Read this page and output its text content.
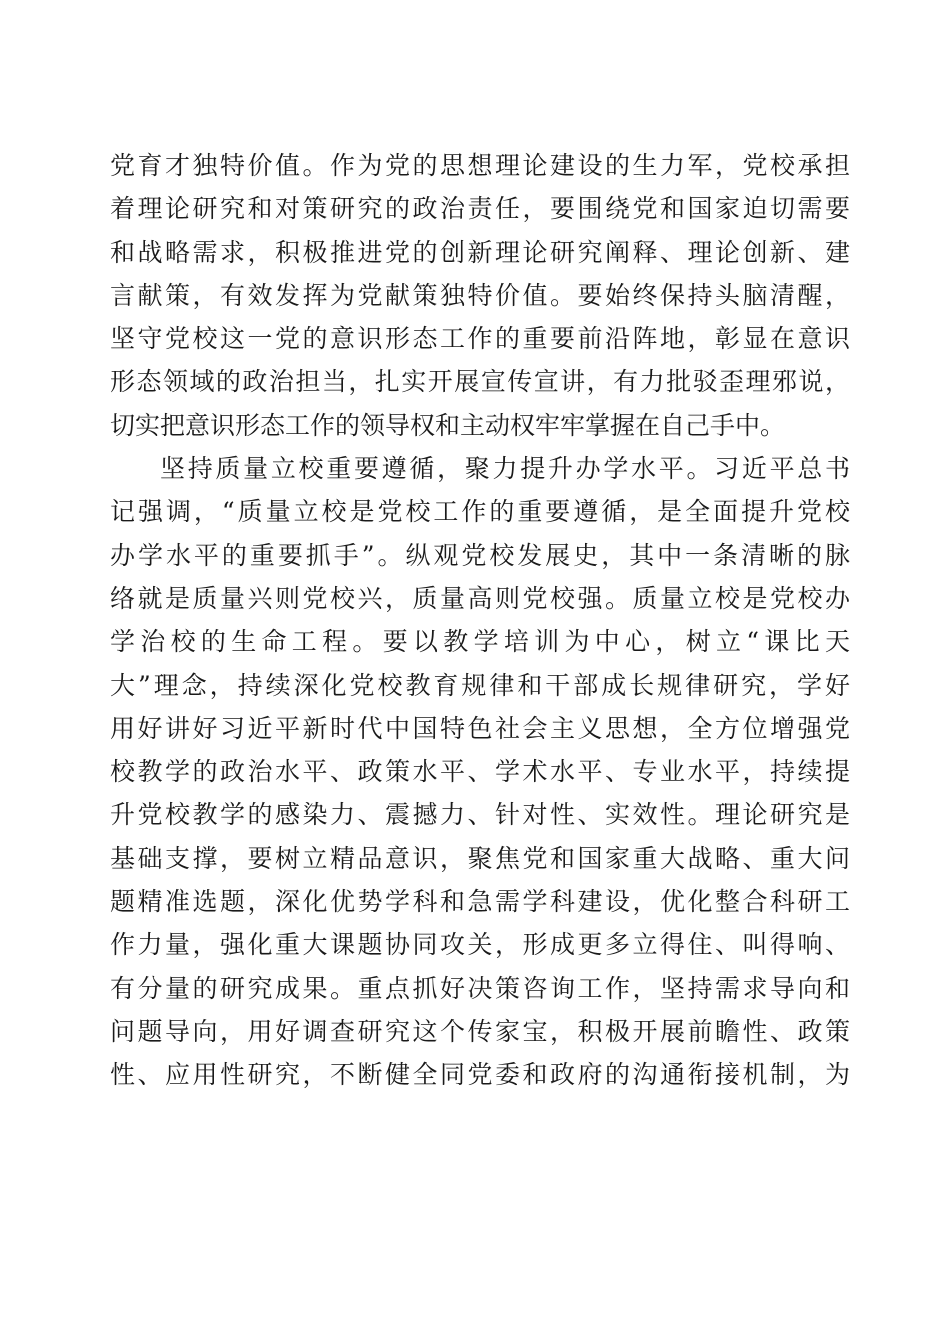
党育才独特价值。作为党的思想理论建设的生力军，党校承担
着理论研究和对策研究的政治责任，要围绕党和国家迫切需要
和战略需求，积极推进党的创新理论研究阐释、理论创新、建
言献策，有效发挥为党献策独特价值。要始终保持头脑清醒，
坚守党校这一党的意识形态工作的重要前沿阵地，彰显在意识
形态领域的政治担当，扎实开展宣传宣讲，有力批驳歪理邪说，
切实把意识形态工作的领导权和主动权牢牢掌握在自己手中。
坚持质量立校重要遵循，聚力提升办学水平。习近平总书
记强调，“质量立校是党校工作的重要遵循，是全面提升党校
办学水平的重要抓手”。纵观党校发展史，其中一条清晰的脉
络就是质量兴则党校兴，质量高则党校强。质量立校是党校办
学治校的生命工程。要以教学培训为中心，树立“课比天
大”理念，持续深化党校教育规律和干部成长规律研究，学好
用好讲好习近平新时代中国特色社会主义思想，全方位增强党
校教学的政治水平、政策水平、学术水平、专业水平，持续提
升党校教学的感染力、震撼力、针对性、实效性。理论研究是
基础支撑，要树立精品意识，聚焦党和国家重大战略、重大问
题精准选题，深化优势学科和急需学科建设，优化整合科研工
作力量，强化重大课题协同攻关，形成更多立得住、叫得响、
有分量的研究成果。重点抓好决策咨询工作，坚持需求导向和
问题导向，用好调查研究这个传家宝，积极开展前瞻性、政策
性、应用性研究，不断健全同党委和政府的沟通衔接机制，为
